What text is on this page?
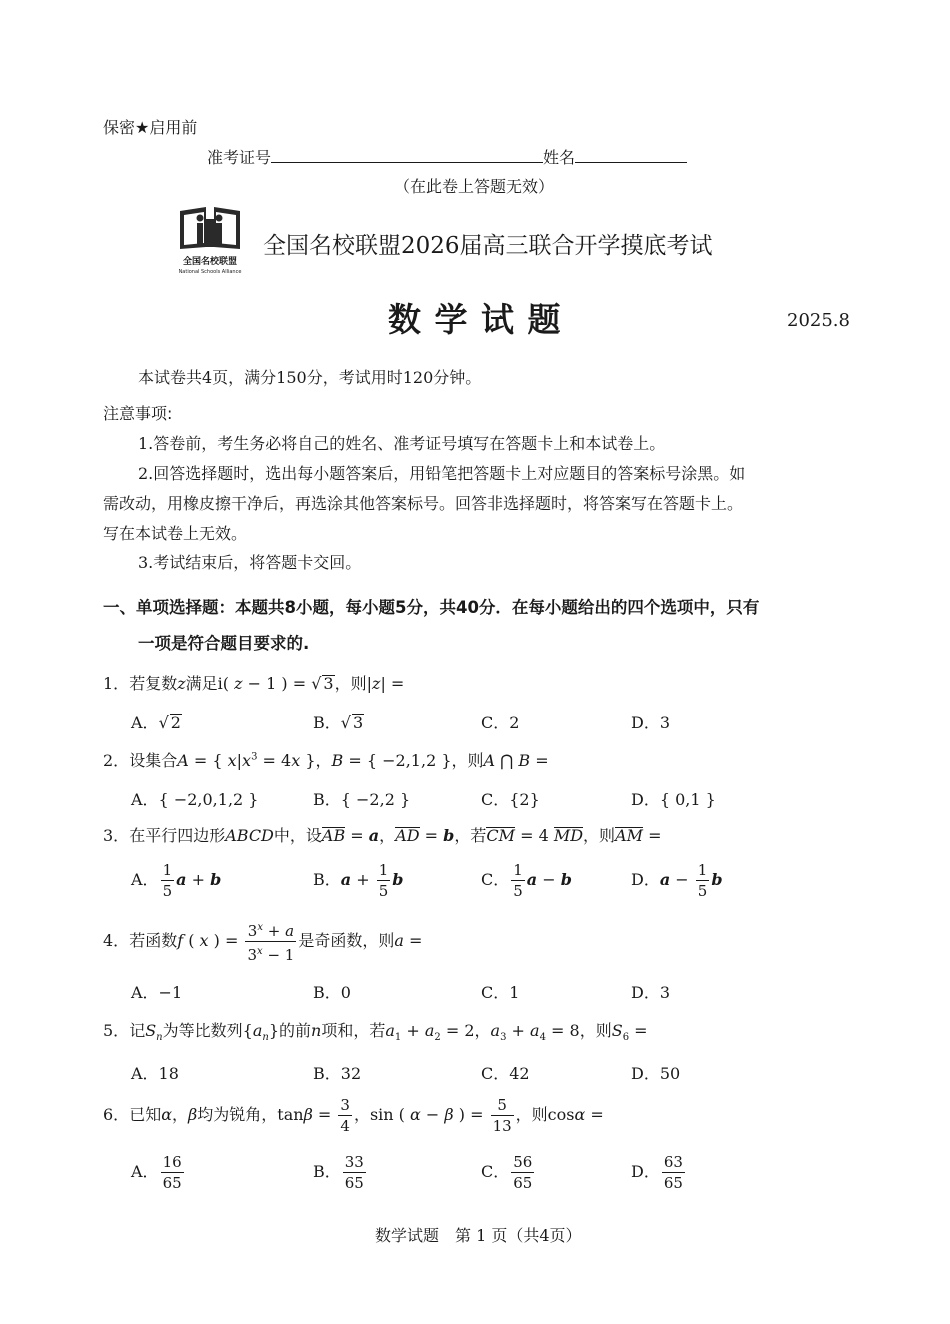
保密★启用前
准考证号	姓名
（在此卷上答题无效）
全国名校联盟
National Schools Alliance
全国名校联盟2026届高三联合开学摸底考试
数 学 试 题	2025.8
本试卷共4页，满分150分，考试用时120分钟。
注意事项:
1.答卷前，考生务必将自己的姓名、准考证号填写在答题卡上和本试卷上。
2.回答选择题时，选出每小题答案后，用铅笔把答题卡上对应题目的答案标号涂黑。如
需改动，用橡皮擦干净后，再选涂其他答案标号。回答非选择题时，将答案写在答题卡上。
写在本试卷上无效。
3.考试结束后，将答题卡交回。
一、单项选择题：本题共8小题，每小题5分，共40分．在每小题给出的四个选项中，只有
一项是符合题目要求的.
1．若复数z满足i( z − 1 ) = √ 3，则|z| =
A．√ 2	B．√ 3	C．2	D．3
2．设集合A = { $x|x^3 = 4x$ }，B = { −2,1,2 }，则A ⋂ B =
A．{ −2,0,1,2 }	B．{ −2,2 }	C．{2}	D．{ 0,1 }
3．在平行四边形ABCD中，设AB = a，AD = b，若CM = 4 MD，则AM =
A． $\frac{1}{5}$ a + b	B．$a + \frac{1}{5}$ b	C． $\frac{1}{5}$ a − b	D．$a - \frac{1}{5}$ b
4．若函数f ( x ) = $\frac{3^x + a}{3^x - 1}$ 是奇函数，则a =
A．−1	B．0	C．1	D．3
5．记$S_n$为等比数列$\{a_n\}$的前n项和，若$a_1 + a_2 = 2$，$a_3 + a_4 = 8$，则$S_6$ =
A．18	B．32	C．42	D．50
6．已知α，β均为锐角，$\tan\beta = \frac{3}{4}$ ，sin ( α − β ) = $\frac{5}{13}$ ，则cosα =
A． $\frac{16}{65}$	B． $\frac{33}{65}$	C． $\frac{56}{65}$	D． $\frac{63}{65}$
数学试题　第 1 页（共4页）
